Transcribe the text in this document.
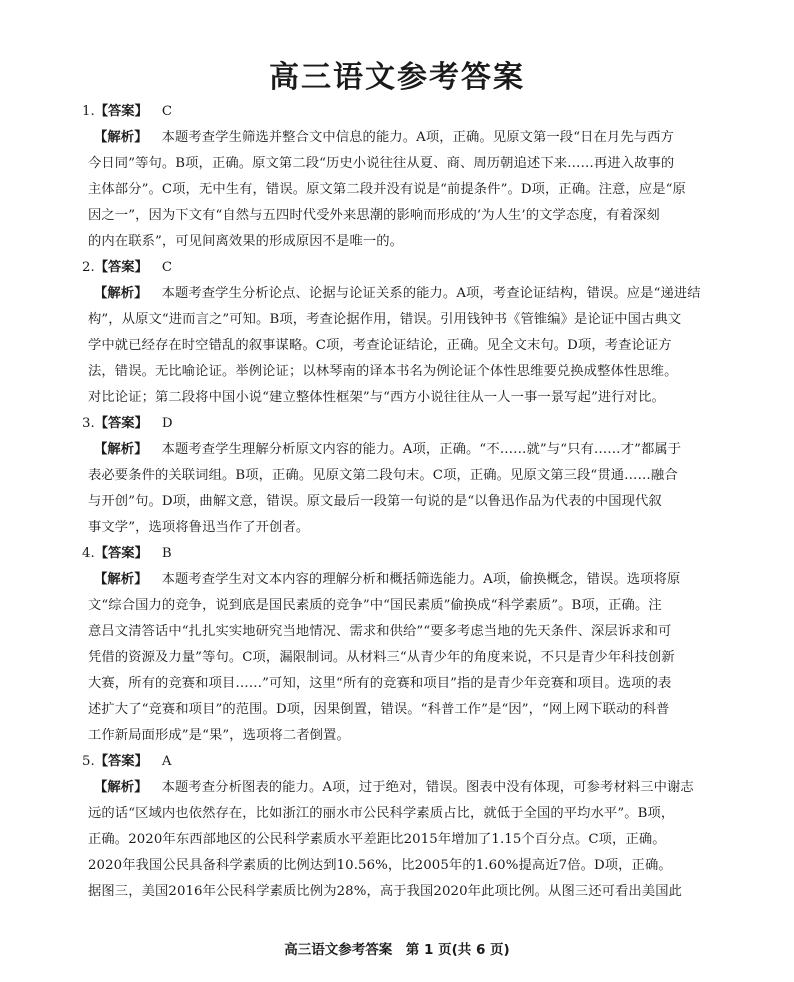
高三语文参考答案
1.【答案】 C
【解析】 本题考查学生筛选并整合文中信息的能力。A项，正确。见原文第一段“日在月先与西方
今日同”等句。B项，正确。原文第二段“历史小说往往从夏、商、周历朝追述下来……再进入故事的
主体部分”。C项，无中生有，错误。原文第二段并没有说是“前提条件”。D项，正确。注意，应是“原
因之一”，因为下文有“自然与五四时代受外来思潮的影响而形成的‘为人生’的文学态度，有着深刻
的内在联系”，可见间离效果的形成原因不是唯一的。
2.【答案】 C
【解析】 本题考查学生分析论点、论据与论证关系的能力。A项，考查论证结构，错误。应是“递进结
构”，从原文“进而言之”可知。B项，考查论据作用，错误。引用钱钟书《管锥编》是论证中国古典文
学中就已经存在时空错乱的叙事谋略。C项，考查论证结论，正确。见全文末句。D项，考查论证方
法，错误。无比喻论证。举例论证；以林琴南的译本书名为例论证个体性思维要兑换成整体性思维。
对比论证；第二段将中国小说“建立整体性框架”与“西方小说往往从一人一事一景写起”进行对比。
3.【答案】 D
【解析】 本题考查学生理解分析原文内容的能力。A项，正确。“不……就”与“只有……才”都属于
表必要条件的关联词组。B项，正确。见原文第二段句末。C项，正确。见原文第三段“贯通……融合
与开创”句。D项，曲解文意，错误。原文最后一段第一句说的是“以鲁迅作品为代表的中国现代叙
事文学”，选项将鲁迅当作了开创者。
4.【答案】 B
【解析】 本题考查学生对文本内容的理解分析和概括筛选能力。A项，偷换概念，错误。选项将原
文“综合国力的竞争，说到底是国民素质的竞争”中“国民素质”偷换成“科学素质”。B项，正确。注
意吕文清答话中“扎扎实实地研究当地情况、需求和供给”“要多考虑当地的先天条件、深层诉求和可
凭借的资源及力量”等句。C项，漏限制词。从材料三“从青少年的角度来说，不只是青少年科技创新
大赛，所有的竞赛和项目……”可知，这里“所有的竞赛和项目”指的是青少年竞赛和项目。选项的表
述扩大了“竞赛和项目”的范围。D项，因果倒置，错误。“科普工作”是“因”，“网上网下联动的科普
工作新局面形成”是“果”，选项将二者倒置。
5.【答案】 A
【解析】 本题考查分析图表的能力。A项，过于绝对，错误。图表中没有体现，可参考材料三中谢志
远的话“区域内也依然存在，比如浙江的丽水市公民科学素质占比，就低于全国的平均水平”。B项，
正确。2020年东西部地区的公民科学素质水平差距比2015年增加了1.15个百分点。C项，正确。
2020年我国公民具备科学素质的比例达到10.56%，比2005年的1.60%提高近7倍。D项，正确。
据图三，美国2016年公民科学素质比例为28%，高于我国2020年此项比例。从图三还可看出美国此
高三语文参考答案　第 1 页(共 6 页)
